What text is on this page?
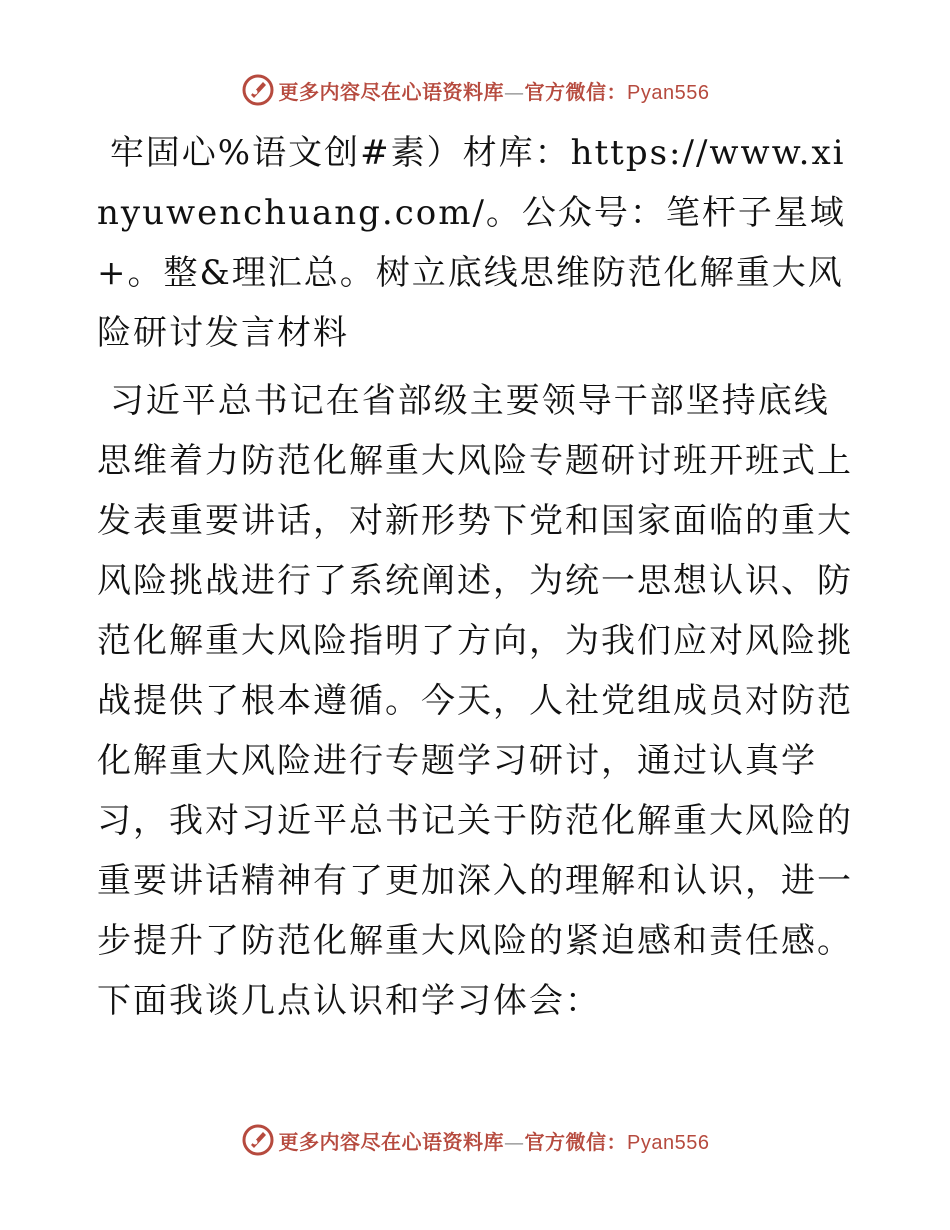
更多内容尽在心语资料库—官方微信：Pyan556

牢固心%语文创#素）材库：https://www.xinyuwenchuang.com/。公众号：笔杆子星域+。整&理汇总。树立底线思维防范化解重大风险研讨发言材料

习近平总书记在省部级主要领导干部坚持底线思维着力防范化解重大风险专题研讨班开班式上发表重要讲话，对新形势下党和国家面临的重大风险挑战进行了系统阐述，为统一思想认识、防范化解重大风险指明了方向，为我们应对风险挑战提供了根本遵循。今天，人社党组成员对防范化解重大风险进行专题学习研讨，通过认真学习，我对习近平总书记关于防范化解重大风险的重要讲话精神有了更加深入的理解和认识，进一步提升了防范化解重大风险的紧迫感和责任感。下面我谈几点认识和学习体会：

更多内容尽在心语资料库—官方微信：Pyan556
